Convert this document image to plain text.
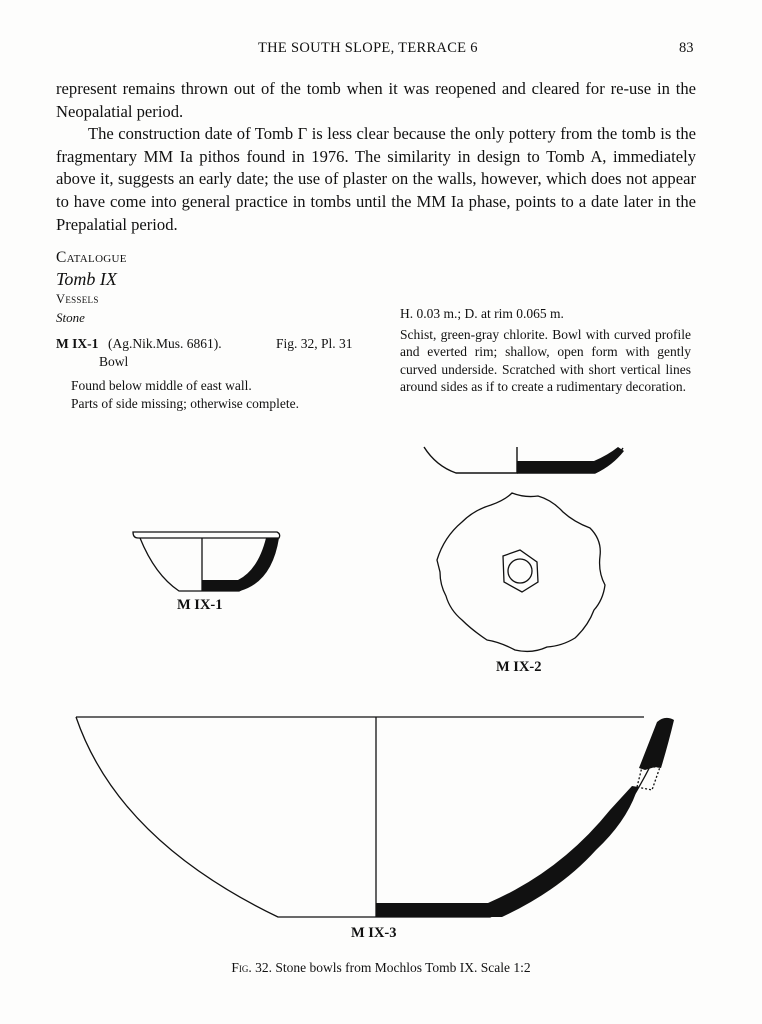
THE SOUTH SLOPE, TERRACE 6	83

represent remains thrown out of the tomb when it was reopened and cleared for re-use in the Neopalatial period.

The construction date of Tomb Γ is less clear because the only pottery from the tomb is the fragmentary MM Ia pithos found in 1976. The similarity in design to Tomb A, immediately above it, suggests an early date; the use of plaster on the walls, however, which does not appear to have come into general practice in tombs until the MM Ia phase, points to a date later in the Prepalatial period.

Catalogue
Tomb IX
Vessels
Stone
M IX-1 (Ag.Nik.Mus. 6861).	Fig. 32, Pl. 31
Bowl
Found below middle of east wall.
Parts of side missing; otherwise complete.
H. 0.03 m.; D. at rim 0.065 m.
Schist, green-gray chlorite. Bowl with curved profile and everted rim; shallow, open form with gently curved underside. Scratched with short vertical lines around sides as if to create a rudimentary decoration.
M IX-1
M IX-2
M IX-3
Fig. 32. Stone bowls from Mochlos Tomb IX. Scale 1:2
